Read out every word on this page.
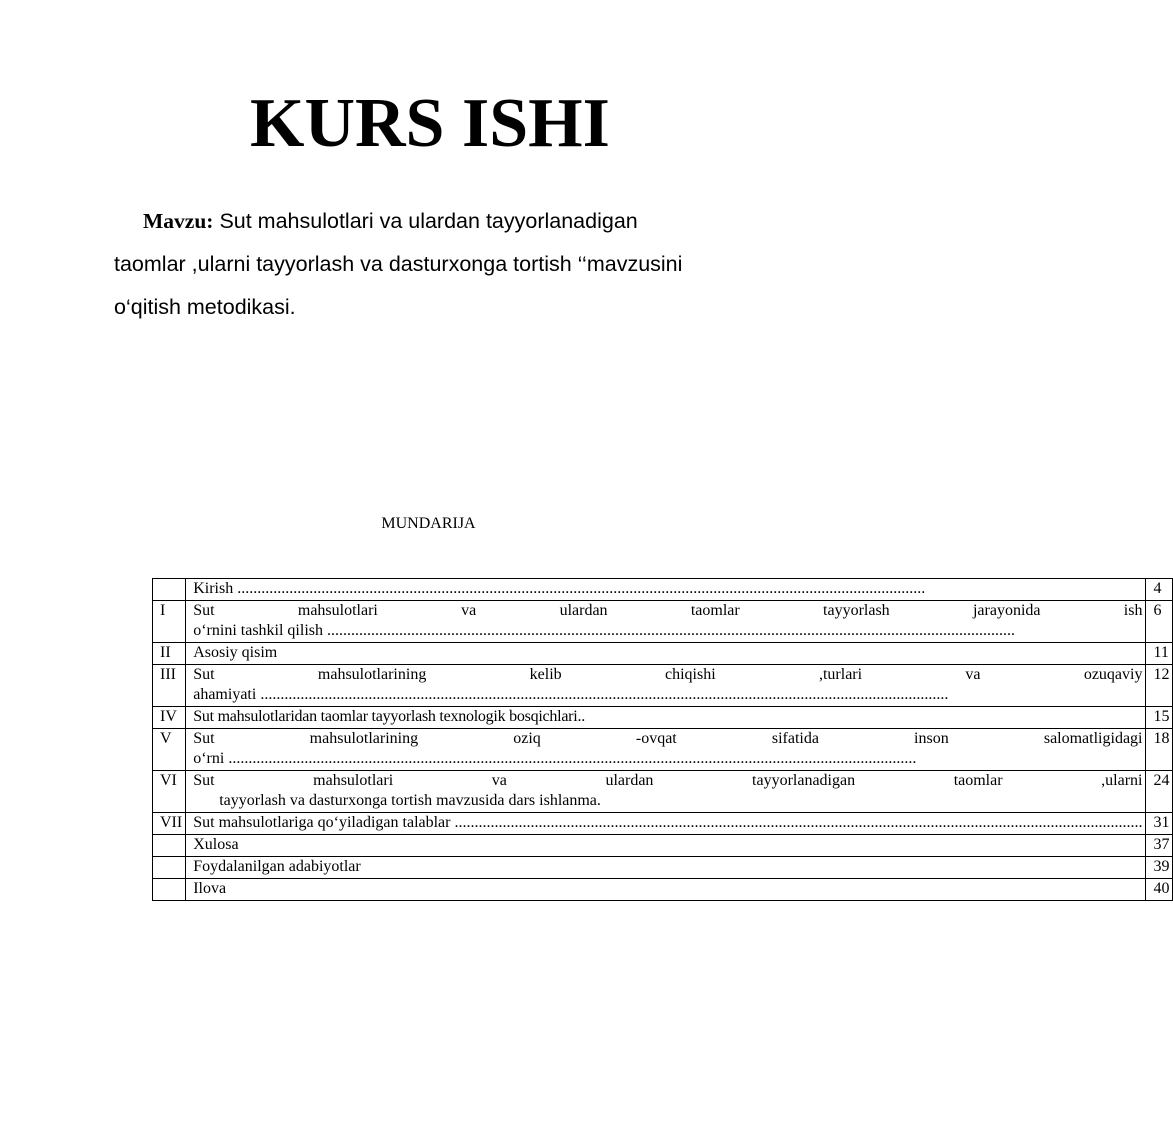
KURS ISHI
Mavzu: Sut mahsulotlari va ulardan tayyorlanadigan
taomlar ,ularni tayyorlash va dasturxonga tortish ‘‘mavzusini
o‘qitish metodikasi.
MUNDARIJA

	Kirish .....	4
I	Sut mahsulotlari va ulardan taomlar tayyorlash jarayonida ish
o‘rnini tashkil qilish .....	6
II	Asosiy qisim	11
III	Sut mahsulotlarining kelib chiqishi ,turlari va ozuqaviy
ahamiyati .....	12
IV	Sut mahsulotlaridan taomlar tayyorlash texnologik bosqichlari..	15
V	Sut mahsulotlarining oziq -ovqat sifatida inson salomatligidagi
o‘rni .....	18
VI	Sut mahsulotlari va ulardan tayyorlanadigan taomlar ,ularni
tayyorlash va dasturxonga tortish mavzusida dars ishlanma.	24
VII	Sut mahsulotlariga qo‘yiladigan talablar .....	31

	Xulosa	37

	Foydalanilgan adabiyotlar	39

	Ilova	40
